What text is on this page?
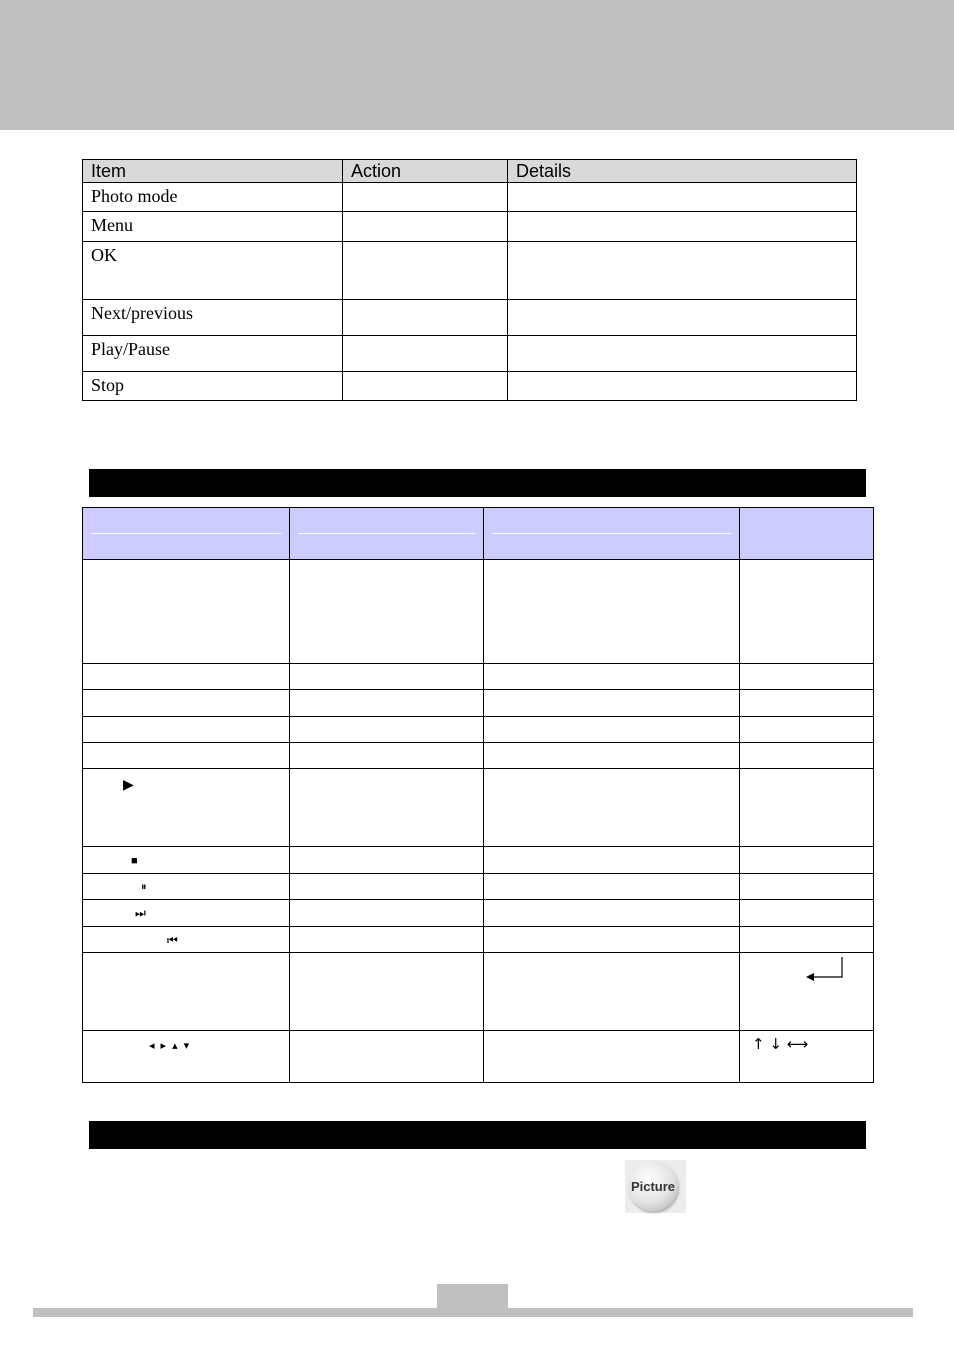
Item	Action	Details
Photo mode		
Menu		
OK		
Next/previous		
Play/Pause		
Stop		

▶			

■			

⏸			

⏭			

⏮			

◂▸▴▾			↑ ↓ ⟷
Picture
